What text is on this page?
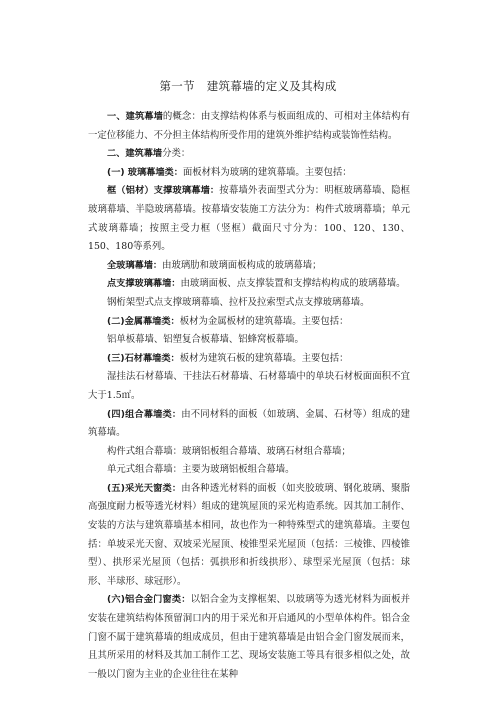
第一节　建筑幕墙的定义及其构成

一、建筑幕墙的概念：由支撑结构体系与板面组成的、可相对主体结构有一定位移能力、不分担主体结构所受作用的建筑外维护结构或装饰性结构。

二、建筑幕墙分类：

(一) 玻璃幕墙类：面板材料为玻璃的建筑幕墙。主要包括：

框（铝材）支撑玻璃幕墙：按幕墙外表面型式分为：明框玻璃幕墙、隐框玻璃幕墙、半隐玻璃幕墙。按幕墙安装施工方法分为：构件式玻璃幕墙；单元式玻璃幕墙；按照主受力框（竖框）截面尺寸分为：100、120、130、150、180等系列。

全玻璃幕墙：由玻璃肋和玻璃面板构成的玻璃幕墙；

点支撑玻璃幕墙：由玻璃面板、点支撑装置和支撑结构构成的玻璃幕墙。

钢桁架型式点支撑玻璃幕墙、拉杆及拉索型式点支撑玻璃幕墙。

(二)金属幕墙类：板材为金属板材的建筑幕墙。主要包括：

铝单板幕墙、铝塑复合板幕墙、铝蜂窝板幕墙。

(三)石材幕墙类：板材为建筑石板的建筑幕墙。主要包括：

湿挂法石材幕墙、干挂法石材幕墙、石材幕墙中的单块石材板面面积不宜大于1.5㎡。

(四)组合幕墙类：由不同材料的面板（如玻璃、金属、石材等）组成的建筑幕墙。

构件式组合幕墙：玻璃铝板组合幕墙、玻璃石材组合幕墙；

单元式组合幕墙：主要为玻璃铝板组合幕墙。

(五)采光天窗类：由各种透光材料的面板（如夹胶玻璃、钢化玻璃、聚脂高强度耐力板等透光材料）组成的建筑屋顶的采光构造系统。因其加工制作、安装的方法与建筑幕墙基本相同，故也作为一种特殊型式的建筑幕墙。主要包括：单坡采光天窗、双坡采光屋顶、棱锥型采光屋顶（包括：三棱锥、四棱锥型）、拱形采光屋顶（包括：弧拱形和折线拱形）、球型采光屋顶（包括：球形、半球形、球冠形）。

(六)铝合金门窗类：以铝合金为支撑框架、以玻璃等为透光材料为面板并安装在建筑结构体预留洞口内的用于采光和开启通风的小型单体构件。铝合金门窗不属于建筑幕墙的组成成员，但由于建筑幕墙是由铝合金门窗发展而来，且其所采用的材料及其加工制作工艺、现场安装施工等具有很多相似之处，故一般以门窗为主业的企业往往在某种
